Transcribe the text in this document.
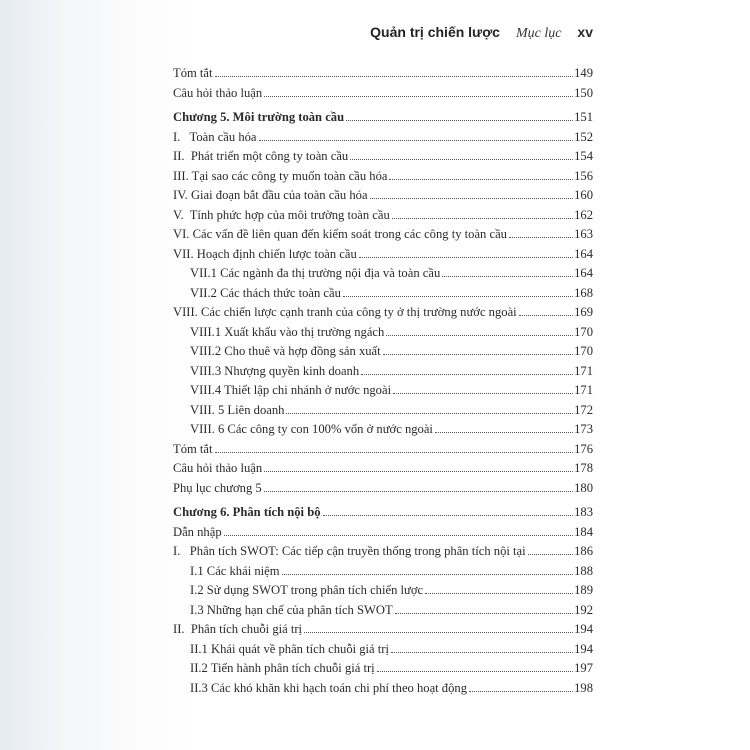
Quản trị chiến lược Mục lục xv
Tóm tắt	149
Câu hỏi thảo luận	150
Chương 5. Môi trường toàn cầu	151
I.   Toàn cầu hóa	152
II.  Phát triển một công ty toàn cầu	154
III. Tại sao các công ty muốn toàn cầu hóa	156
IV. Giai đoạn bắt đầu của toàn cầu hóa	160
V.  Tính phức hợp của môi trường toàn cầu	162
VI. Các vấn đề liên quan đến kiểm soát trong các công ty toàn cầu	163
VII. Hoạch định chiến lược toàn cầu	164
VII.1 Các ngành đa thị trường nội địa và toàn cầu	164
VII.2 Các thách thức toàn cầu	168
VIII. Các chiến lược cạnh tranh của công ty ở thị trường nước ngoài	169
VIII.1 Xuất khẩu vào thị trường ngách	170
VIII.2 Cho thuê và hợp đồng sản xuất	170
VIII.3 Nhượng quyền kinh doanh	171
VIII.4 Thiết lập chi nhánh ở nước ngoài	171
VIII. 5 Liên doanh	172
VIII. 6 Các công ty con 100% vốn ở nước ngoài	173
Tóm tắt	176
Câu hỏi thảo luận	178
Phụ lục chương 5	180
Chương 6. Phân tích nội bộ	183
Dẫn nhập	184
I.   Phân tích SWOT: Các tiếp cận truyền thống trong phân tích nội tại	186
I.1 Các khái niệm	188
I.2 Sử dụng SWOT trong phân tích chiến lược	189
I.3 Những hạn chế của phân tích SWOT	192
II.  Phân tích chuỗi giá trị	194
II.1 Khái quát về phân tích chuỗi giá trị	194
II.2 Tiến hành phân tích chuỗi giá trị	197
II.3 Các khó khăn khi hạch toán chi phí theo hoạt động	198
